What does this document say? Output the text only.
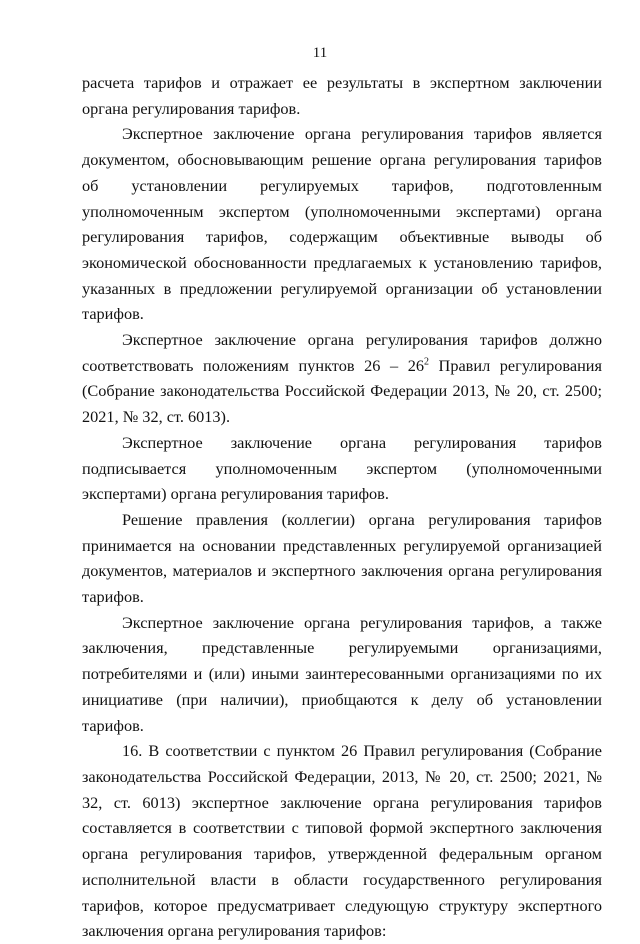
11

расчета тарифов и отражает ее результаты в экспертном заключении органа регулирования тарифов.

Экспертное заключение органа регулирования тарифов является документом, обосновывающим решение органа регулирования тарифов об установлении регулируемых тарифов, подготовленным уполномоченным экспертом (уполномоченными экспертами) органа регулирования тарифов, содержащим объективные выводы об экономической обоснованности предлагаемых к установлению тарифов, указанных в предложении регулируемой организации об установлении тарифов.

Экспертное заключение органа регулирования тарифов должно соответствовать положениям пунктов $26 - 26^2$ Правил регулирования (Собрание законодательства Российской Федерации 2013, № 20, ст. 2500; 2021, № 32, ст. 6013).

Экспертное заключение органа регулирования тарифов подписывается уполномоченным экспертом (уполномоченными экспертами) органа регулирования тарифов.

Решение правления (коллегии) органа регулирования тарифов принимается на основании представленных регулируемой организацией документов, материалов и экспертного заключения органа регулирования тарифов.

Экспертное заключение органа регулирования тарифов, а также заключения, представленные регулируемыми организациями, потребителями и (или) иными заинтересованными организациями по их инициативе (при наличии), приобщаются к делу об установлении тарифов.

16. В соответствии с пунктом 26 Правил регулирования (Собрание законодательства Российской Федерации, 2013, № 20, ст. 2500; 2021, № 32, ст. 6013) экспертное заключение органа регулирования тарифов составляется в соответствии с типовой формой экспертного заключения органа регулирования тарифов, утвержденной федеральным органом исполнительной власти в области государственного регулирования тарифов, которое предусматривает следующую структуру экспертного заключения органа регулирования тарифов:
